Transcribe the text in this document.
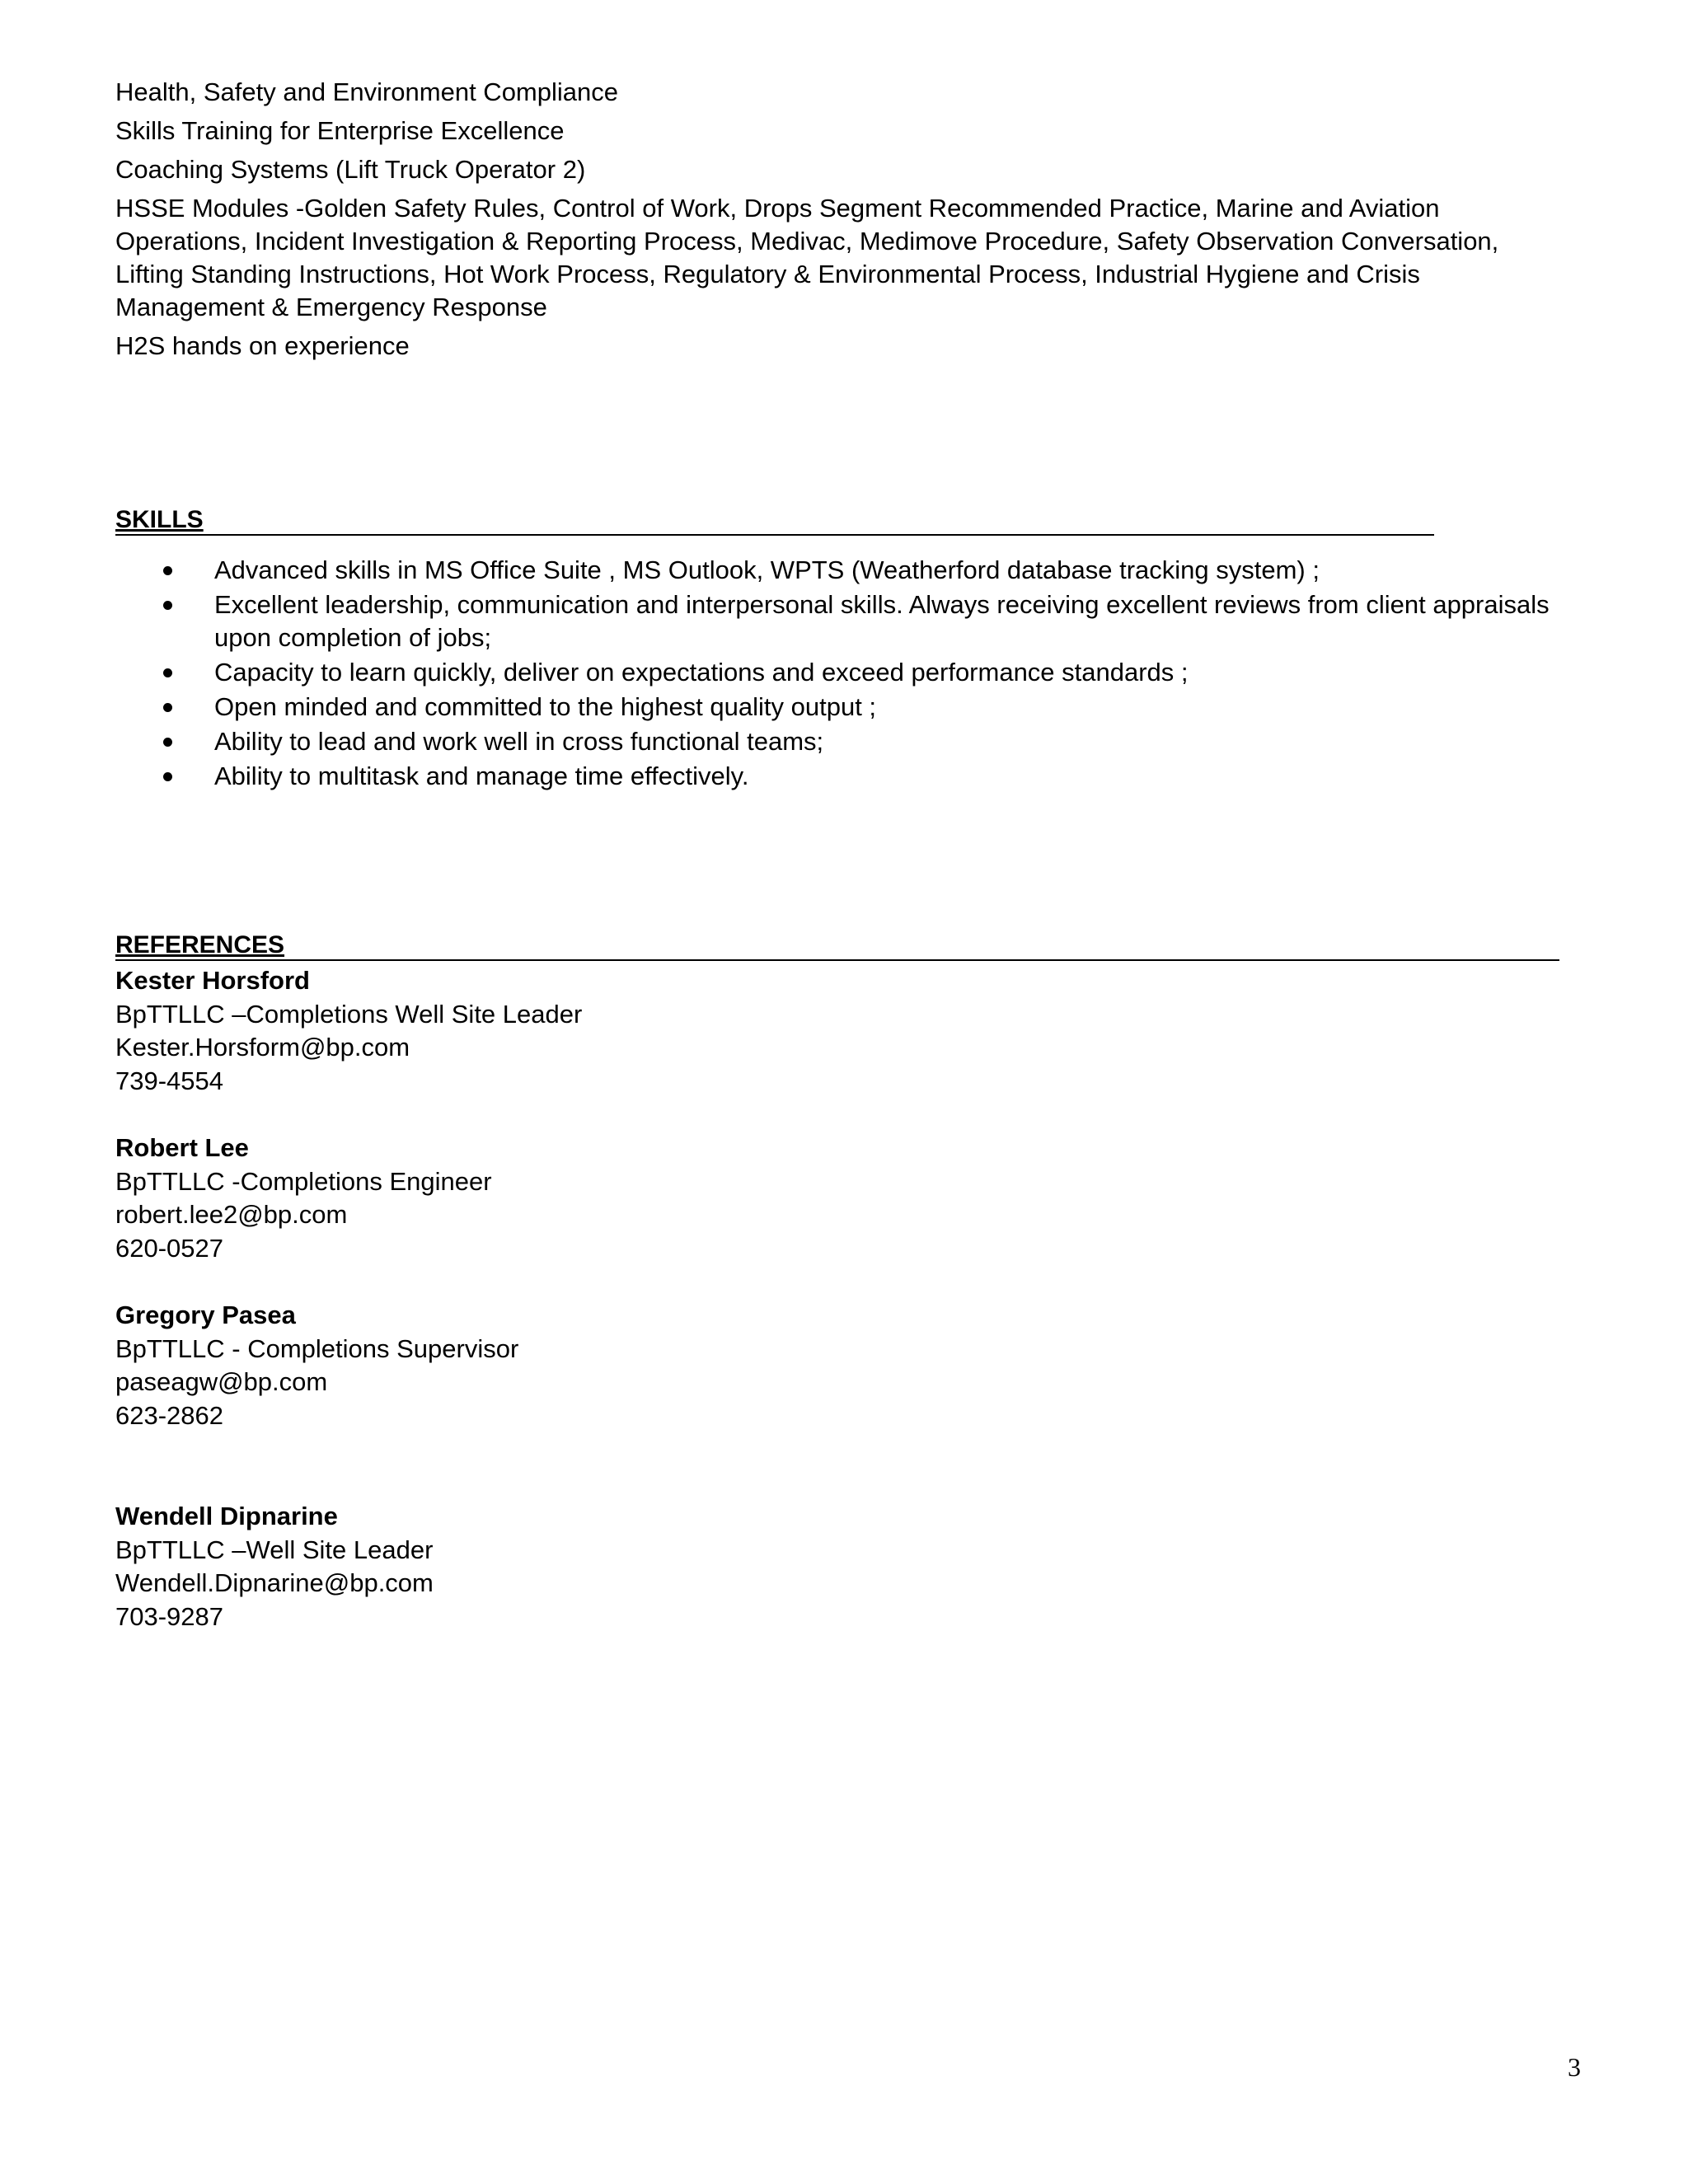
Health, Safety and Environment Compliance
Skills Training for Enterprise Excellence
Coaching Systems (Lift Truck Operator 2)
HSSE Modules -Golden Safety Rules, Control of Work, Drops Segment Recommended Practice, Marine and Aviation Operations, Incident Investigation & Reporting Process, Medivac, Medimove Procedure, Safety Observation Conversation, Lifting Standing Instructions, Hot Work Process, Regulatory & Environmental Process, Industrial Hygiene and Crisis Management & Emergency Response
H2S hands on experience
SKILLS
Advanced skills in MS Office Suite , MS Outlook, WPTS (Weatherford database tracking system) ;
Excellent leadership, communication and interpersonal skills. Always receiving excellent reviews from client appraisals upon completion of jobs;
Capacity to learn quickly, deliver on expectations and exceed performance standards ;
Open minded and committed to the highest quality output ;
Ability to lead and work well in cross functional teams;
Ability to multitask and manage time effectively.
REFERENCES
Kester Horsford
BpTTLLC –Completions Well Site Leader
Kester.Horsform@bp.com
739-4554
Robert Lee
BpTTLLC -Completions Engineer
robert.lee2@bp.com
620-0527
Gregory Pasea
BpTTLLC - Completions Supervisor
paseagw@bp.com
623-2862
Wendell Dipnarine
BpTTLLC –Well Site Leader
Wendell.Dipnarine@bp.com
703-9287
3
